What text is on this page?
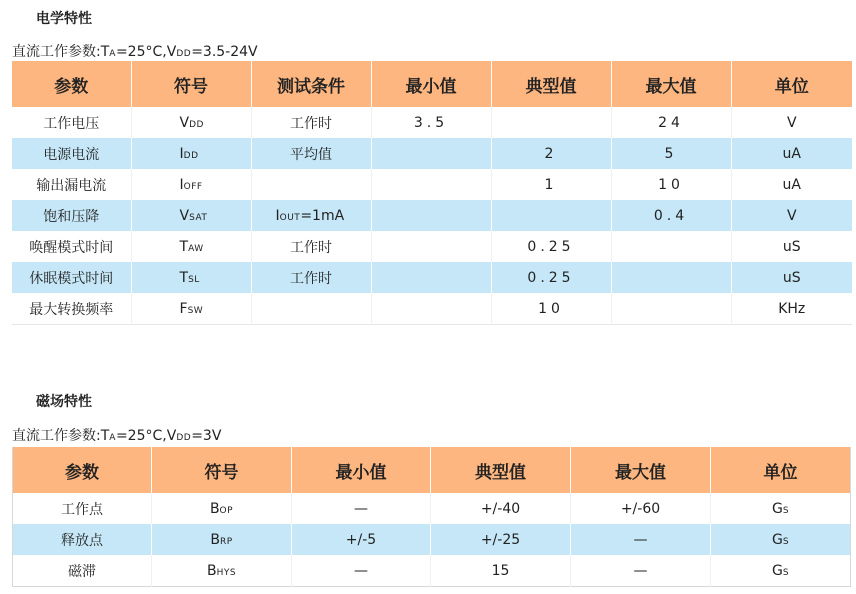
电学特性
直流工作参数:TA=25°C,VDD=3.5-24V
参数	符号	测试条件	最小值	典型值	最大值	单位
工作电压	VDD	工作时	3.5		24	V
电源电流	IDD	平均值		2	5	uA
输出漏电流	IOFF			1	10	uA
饱和压降	VSAT	IOUT=1mA			0.4	V
唤醒模式时间	TAW	工作时		0.25		uS
休眠模式时间	TSL	工作时		0.25		uS
最大转换频率	FSW			10		KHz
磁场特性
直流工作参数:TA=25°C,VDD=3V
参数	符号	最小值	典型值	最大值	单位
工作点	BOP	—	+/-40	+/-60	GS
释放点	BRP	+/-5	+/-25	—	GS
磁滞	BHYS	—	15	—	GS
